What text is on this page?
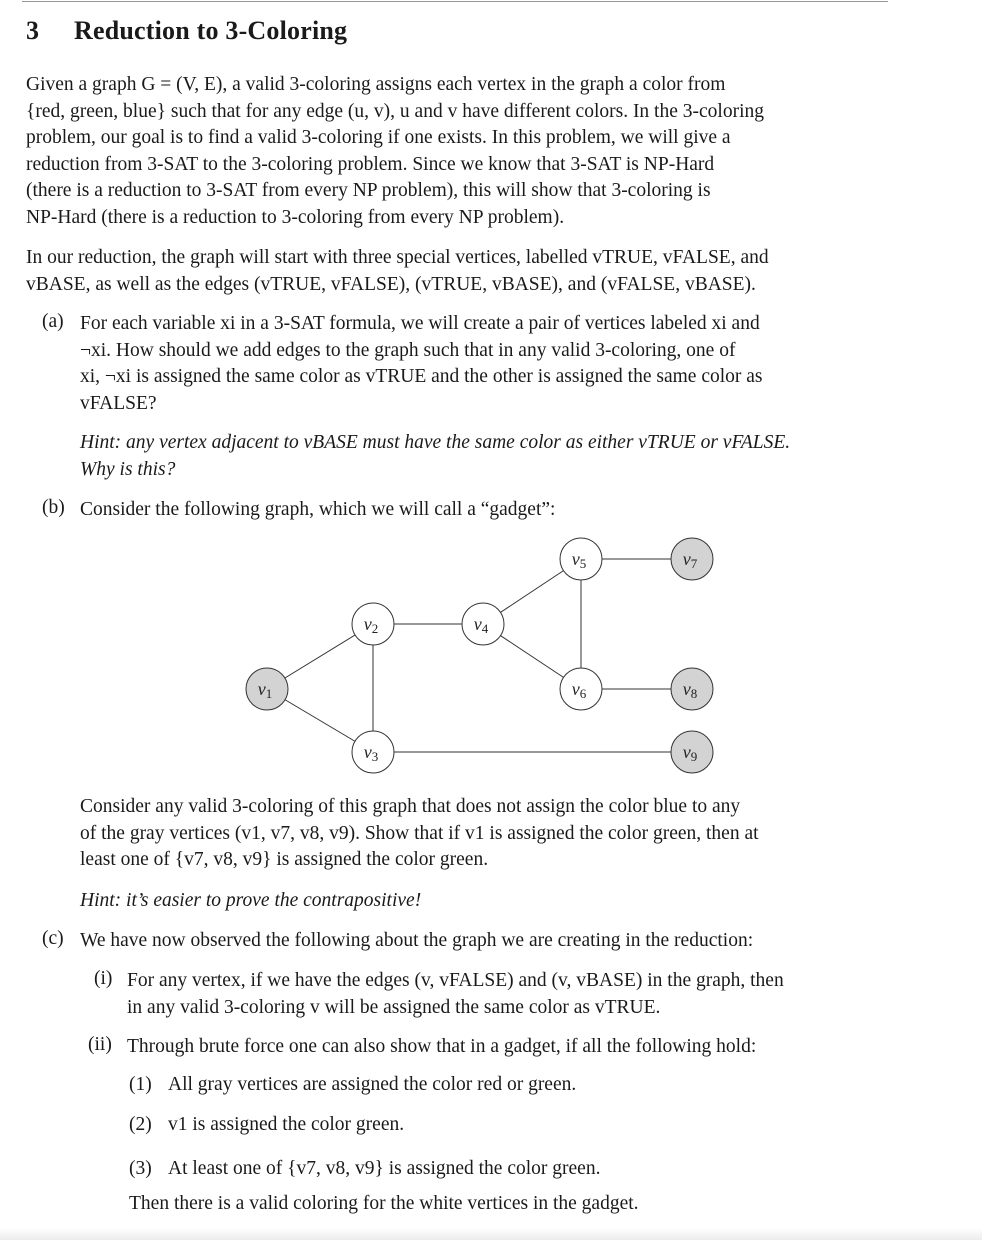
3 Reduction to 3-Coloring
Given a graph G = (V, E), a valid 3-coloring assigns each vertex in the graph a color from
{red, green, blue} such that for any edge (u, v), u and v have different colors. In the 3-coloring
problem, our goal is to find a valid 3-coloring if one exists. In this problem, we will give a
reduction from 3-SAT to the 3-coloring problem. Since we know that 3-SAT is NP-Hard
(there is a reduction to 3-SAT from every NP problem), this will show that 3-coloring is
NP-Hard (there is a reduction to 3-coloring from every NP problem).
In our reduction, the graph will start with three special vertices, labelled vTRUE, vFALSE, and
vBASE, as well as the edges (vTRUE, vFALSE), (vTRUE, vBASE), and (vFALSE, vBASE).
(a) For each variable xi in a 3-SAT formula, we will create a pair of vertices labeled xi and
¬xi. How should we add edges to the graph such that in any valid 3-coloring, one of
xi, ¬xi is assigned the same color as vTRUE and the other is assigned the same color as
vFALSE?
Hint: any vertex adjacent to vBASE must have the same color as either vTRUE or vFALSE.
Why is this?
(b) Consider the following graph, which we will call a “gadget”:
v1
v2
v3
v4
v5
v6
v7
v8
v9
Consider any valid 3-coloring of this graph that does not assign the color blue to any
of the gray vertices (v1, v7, v8, v9). Show that if v1 is assigned the color green, then at
least one of {v7, v8, v9} is assigned the color green.
Hint: it’s easier to prove the contrapositive!
(c) We have now observed the following about the graph we are creating in the reduction:
(i) For any vertex, if we have the edges (v, vFALSE) and (v, vBASE) in the graph, then
in any valid 3-coloring v will be assigned the same color as vTRUE.
(ii) Through brute force one can also show that in a gadget, if all the following hold:
(1) All gray vertices are assigned the color red or green.
(2) v1 is assigned the color green.
(3) At least one of {v7, v8, v9} is assigned the color green.
Then there is a valid coloring for the white vertices in the gadget.
